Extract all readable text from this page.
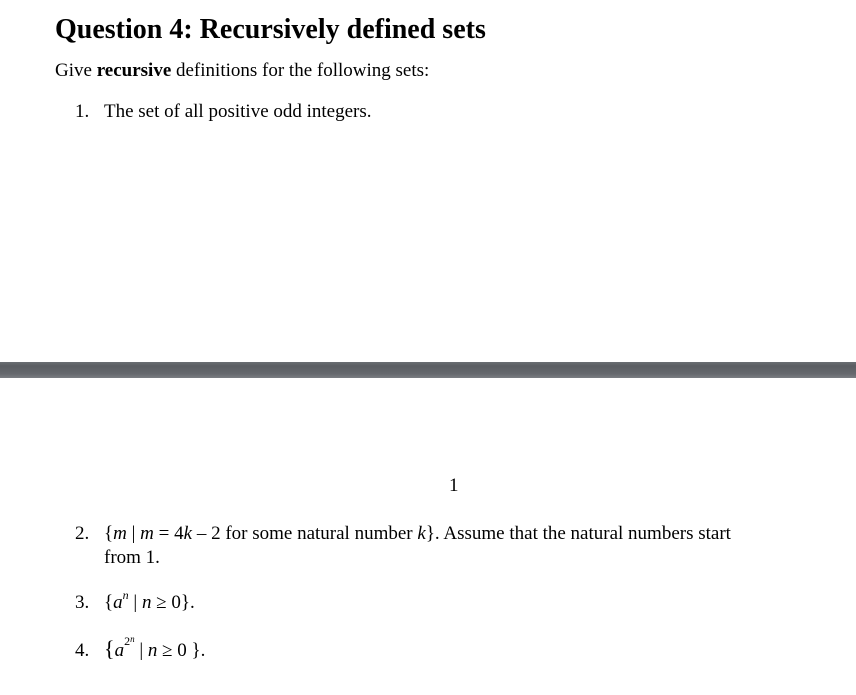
Question 4: Recursively defined sets

Give recursive definitions for the following sets:

1. The set of all positive odd integers.

1

2. {m | m = 4k – 2 for some natural number k}. Assume that the natural numbers start

from 1.

3. {$a^n$ | n ≥ 0}.

4. {$a^{2^n}$ | n ≥ 0 }.
